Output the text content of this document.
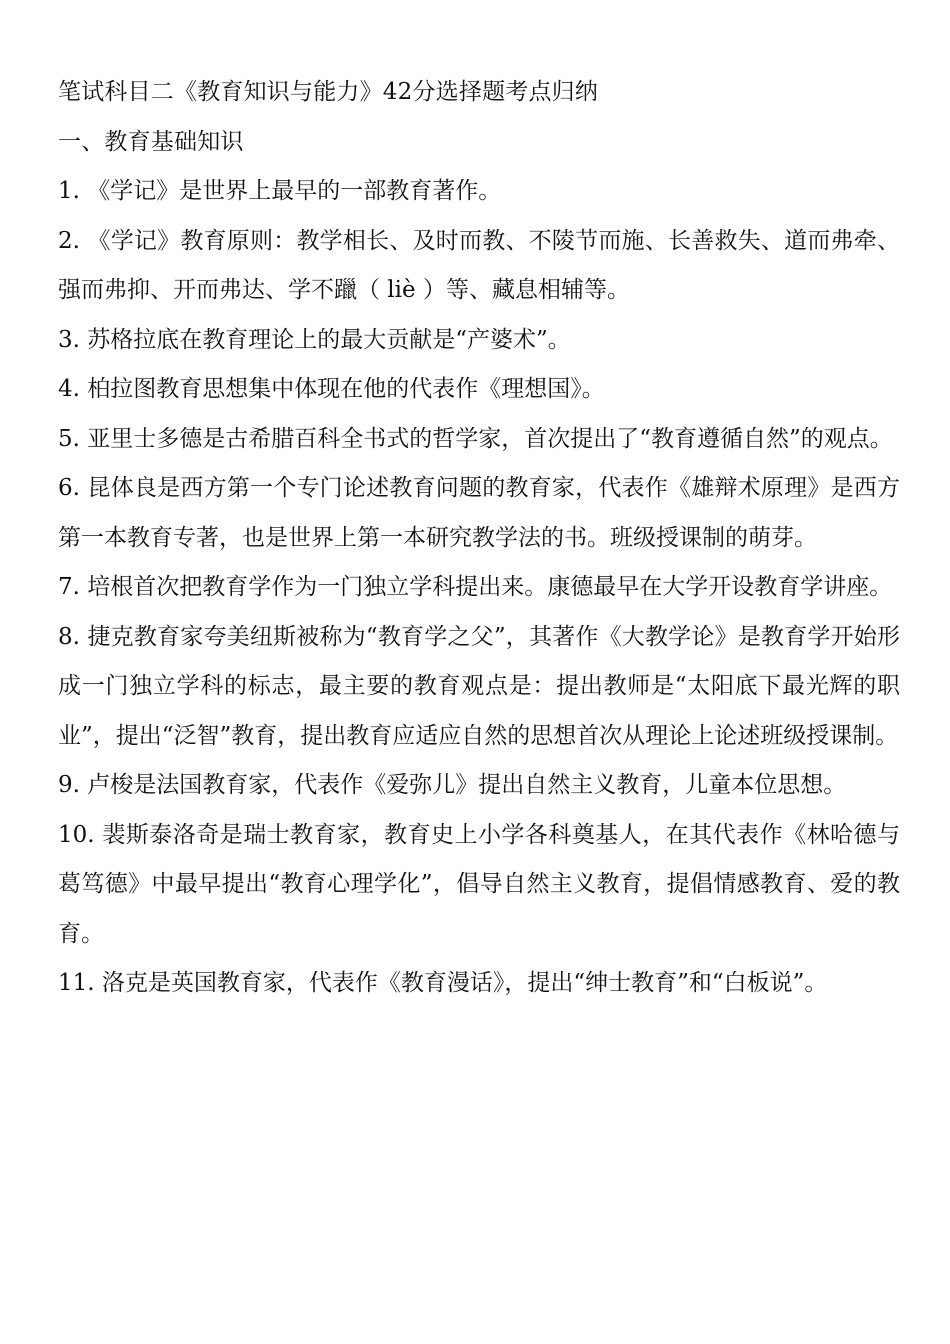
笔试科目二《教育知识与能力》42分选择题考点归纳
一、教育基础知识
1. 《学记》是世界上最早的一部教育著作。
2. 《学记》教育原则：教学相长、及时而教、不陵节而施、长善救失、道而弗牵、强而弗抑、开而弗达、学不躐（ liè ）等、藏息相辅等。
3. 苏格拉底在教育理论上的最大贡献是“产婆术”。
4. 柏拉图教育思想集中体现在他的代表作《理想国》。
5. 亚里士多德是古希腊百科全书式的哲学家，首次提出了“教育遵循自然”的观点。
6. 昆体良是西方第一个专门论述教育问题的教育家，代表作《雄辩术原理》是西方第一本教育专著，也是世界上第一本研究教学法的书。班级授课制的萌芽。
7. 培根首次把教育学作为一门独立学科提出来。康德最早在大学开设教育学讲座。
8. 捷克教育家夸美纽斯被称为“教育学之父”，其著作《大教学论》是教育学开始形成一门独立学科的标志，最主要的教育观点是：提出教师是“太阳底下最光辉的职业”，提出“泛智”教育，提出教育应适应自然的思想首次从理论上论述班级授课制。
9. 卢梭是法国教育家，代表作《爱弥儿》提出自然主义教育，儿童本位思想。
10. 裴斯泰洛奇是瑞士教育家，教育史上小学各科奠基人，在其代表作《林哈德与葛笃德》中最早提出“教育心理学化”，倡导自然主义教育，提倡情感教育、爱的教育。
11. 洛克是英国教育家，代表作《教育漫话》，提出“绅士教育”和“白板说”。
